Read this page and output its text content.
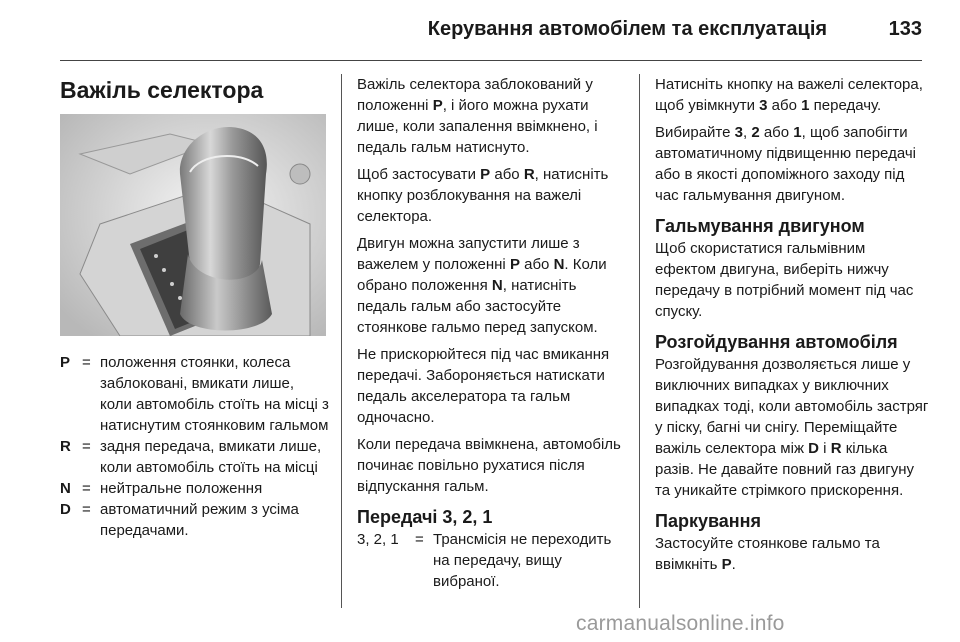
Керування автомобілем та експлуатація	133
Важіль селектора
P = положення стоянки, колеса заблоковані, вмикати лише, коли автомобіль стоїть на місці з натиснутим стоянковим гальмом
R = задня передача, вмикати лише, коли автомобіль стоїть на місці
N = нейтральне положення
D = автоматичний режим з усіма передачами.

Важіль селектора заблокований у положенні P, і його можна рухати лише, коли запалення ввімкнено, і педаль гальм натиснуто.

Щоб застосувати P або R, натисніть кнопку розблокування на важелі селектора.

Двигун можна запустити лише з важелем у положенні P або N. Коли обрано положення N, натисніть педаль гальм або застосуйте стоянкове гальмо перед запуском.

Не прискорюйтеся під час вмикання передачі. Забороняється натискати педаль акселератора та гальм одночасно.

Коли передача ввімкнена, автомобіль починає повільно рухатися після відпускання гальм.

Передачі 3, 2, 1
3, 2, 1	= Трансмісія не переходить на передачу, вищу вибраної.

Натисніть кнопку на важелі селектора, щоб увімкнути 3 або 1 передачу.

Вибирайте 3, 2 або 1, щоб запобігти автоматичному підвищенню передачі або в якості допоміжного заходу під час гальмування двигуном.

Гальмування двигуном

Щоб скористатися гальмівним ефектом двигуна, виберіть нижчу передачу в потрібний момент під час спуску.

Розгойдування автомобіля

Розгойдування дозволяється лише у виключних випадках у виключних випадках тоді, коли автомобіль застряг у піску, багні чи снігу. Переміщайте важіль селектора між D і R кілька разів. Не давайте повний газ двигуну та уникайте стрімкого прискорення.

Паркування

Застосуйте стоянкове гальмо та ввімкніть P.

carmanualsonline.info
